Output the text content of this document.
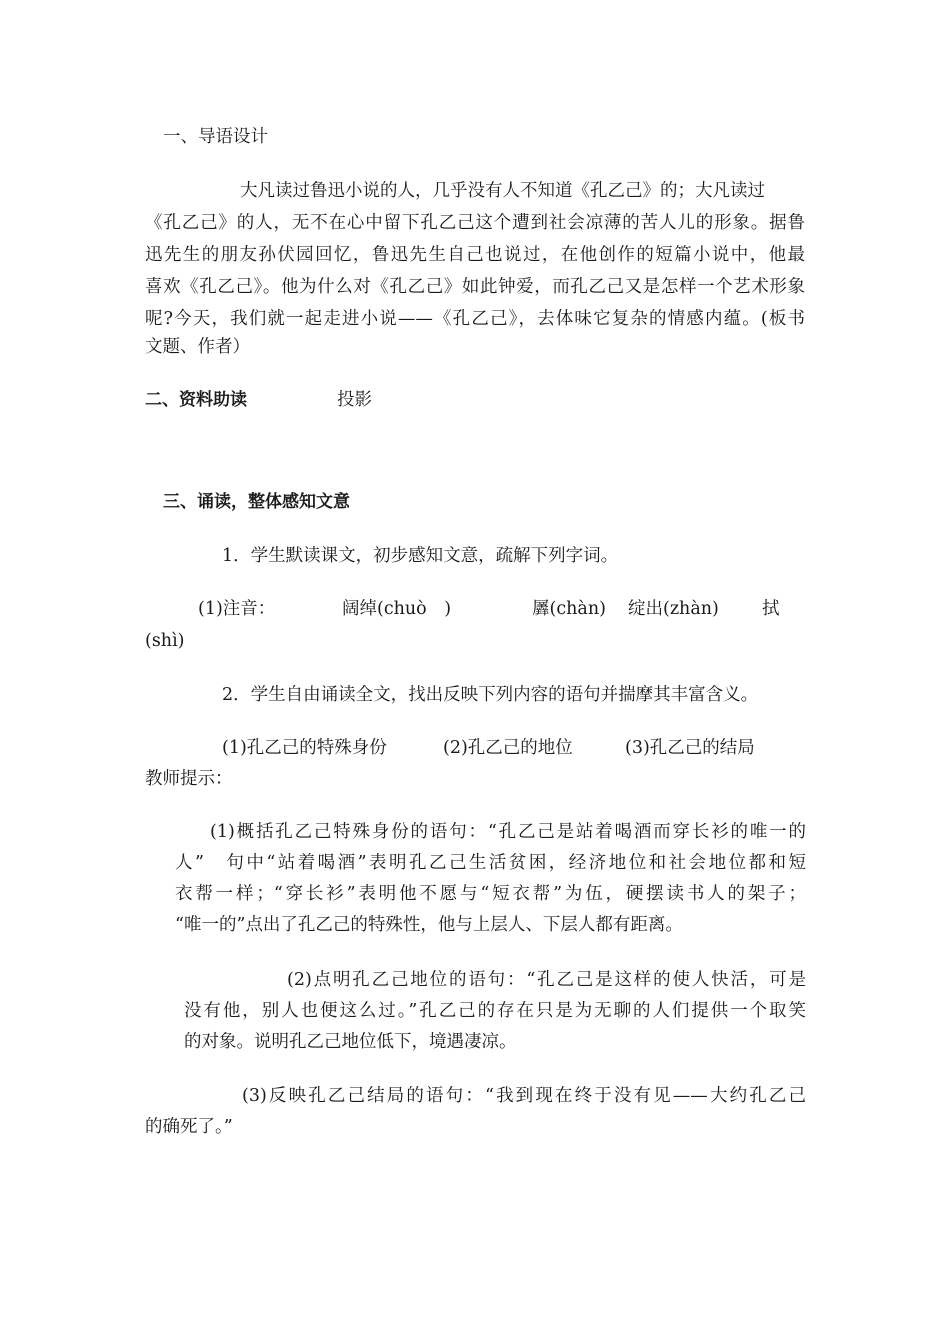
一、导语设计
大凡读过鲁迅小说的人，几乎没有人不知道《孔乙己》的；大凡读过
《孔乙己》的人，无不在心中留下孔乙己这个遭到社会凉薄的苦人儿的形象。据鲁
迅先生的朋友孙伏园回忆，鲁迅先生自己也说过，在他创作的短篇小说中，他最
喜欢《孔乙己》。他为什么对《孔乙己》如此钟爱，而孔乙己又是怎样一个艺术形象
呢?今天，我们就一起走进小说——《孔乙己》，去体味它复杂的情感内蕴。(板书
文题、作者）
二、资料助读	投影
三、诵读，整体感知文意
1．学生默读课文，初步感知文意，疏解下列字词。
(1)注音：	阔绰(chuò　)	羼(chàn) 绽出(zhàn) 拭
(shì)
2．学生自由诵读全文，找出反映下列内容的语句并揣摩其丰富含义。
(1)孔乙己的特殊身份	(2)孔乙己的地位	(3)孔乙己的结局
教师提示：
(1)概括孔乙己特殊身份的语句：“孔乙己是站着喝酒而穿长衫的唯一的
人”　句中“站着喝酒”表明孔乙己生活贫困，经济地位和社会地位都和短
衣帮一样；“穿长衫”表明他不愿与“短衣帮”为伍，硬摆读书人的架子；
“唯一的”点出了孔乙己的特殊性，他与上层人、下层人都有距离。
(2)点明孔乙己地位的语句：“孔乙己是这样的使人快活，可是
没有他，别人也便这么过。”孔乙己的存在只是为无聊的人们提供一个取笑
的对象。说明孔乙己地位低下，境遇凄凉。
(3)反映孔乙己结局的语句：“我到现在终于没有见——大约孔乙己
的确死了。”
